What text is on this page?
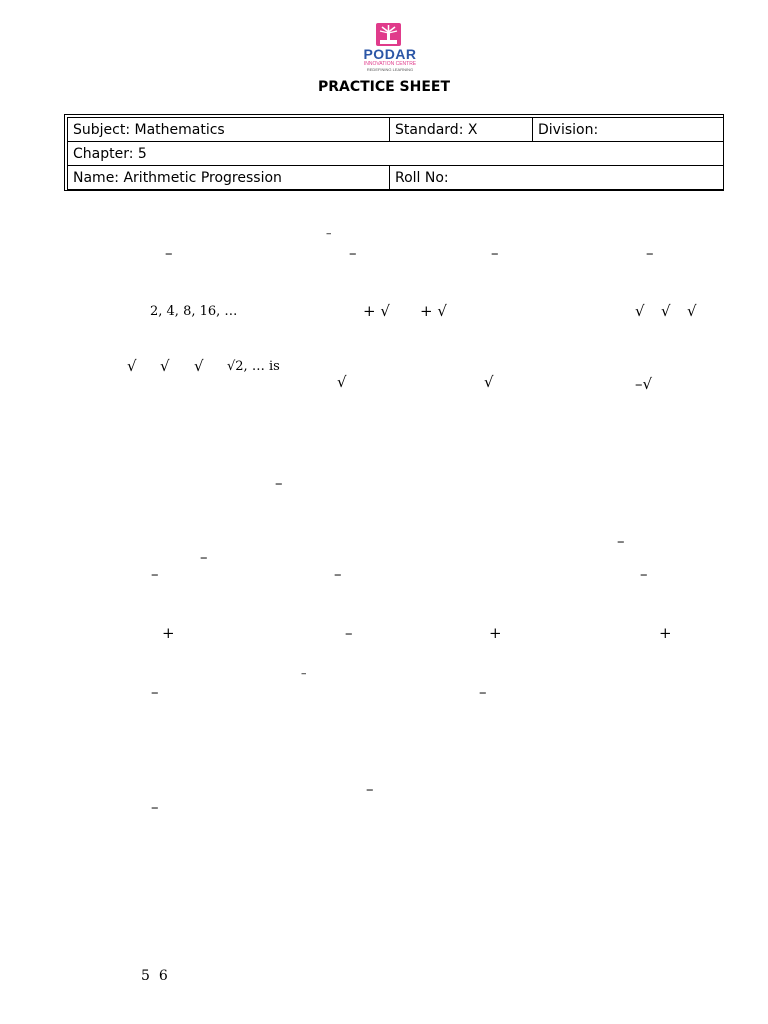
PODAR
INNOVATION CENTRE
REDEFINING LEARNING
PRACTICE SHEET
Subject: Mathematics	Standard: X	Division:
Chapter: 5		
Name: Arithmetic Progression	Roll No:	
–
–	–	–	–
2, 4, 8, 16, …	+ √ + √	√ √ √
√ √ √ √2, … is
√	√	–√
–
–
–
–	–	–
+	–	+	+
–
–	–
–
–
5 6
